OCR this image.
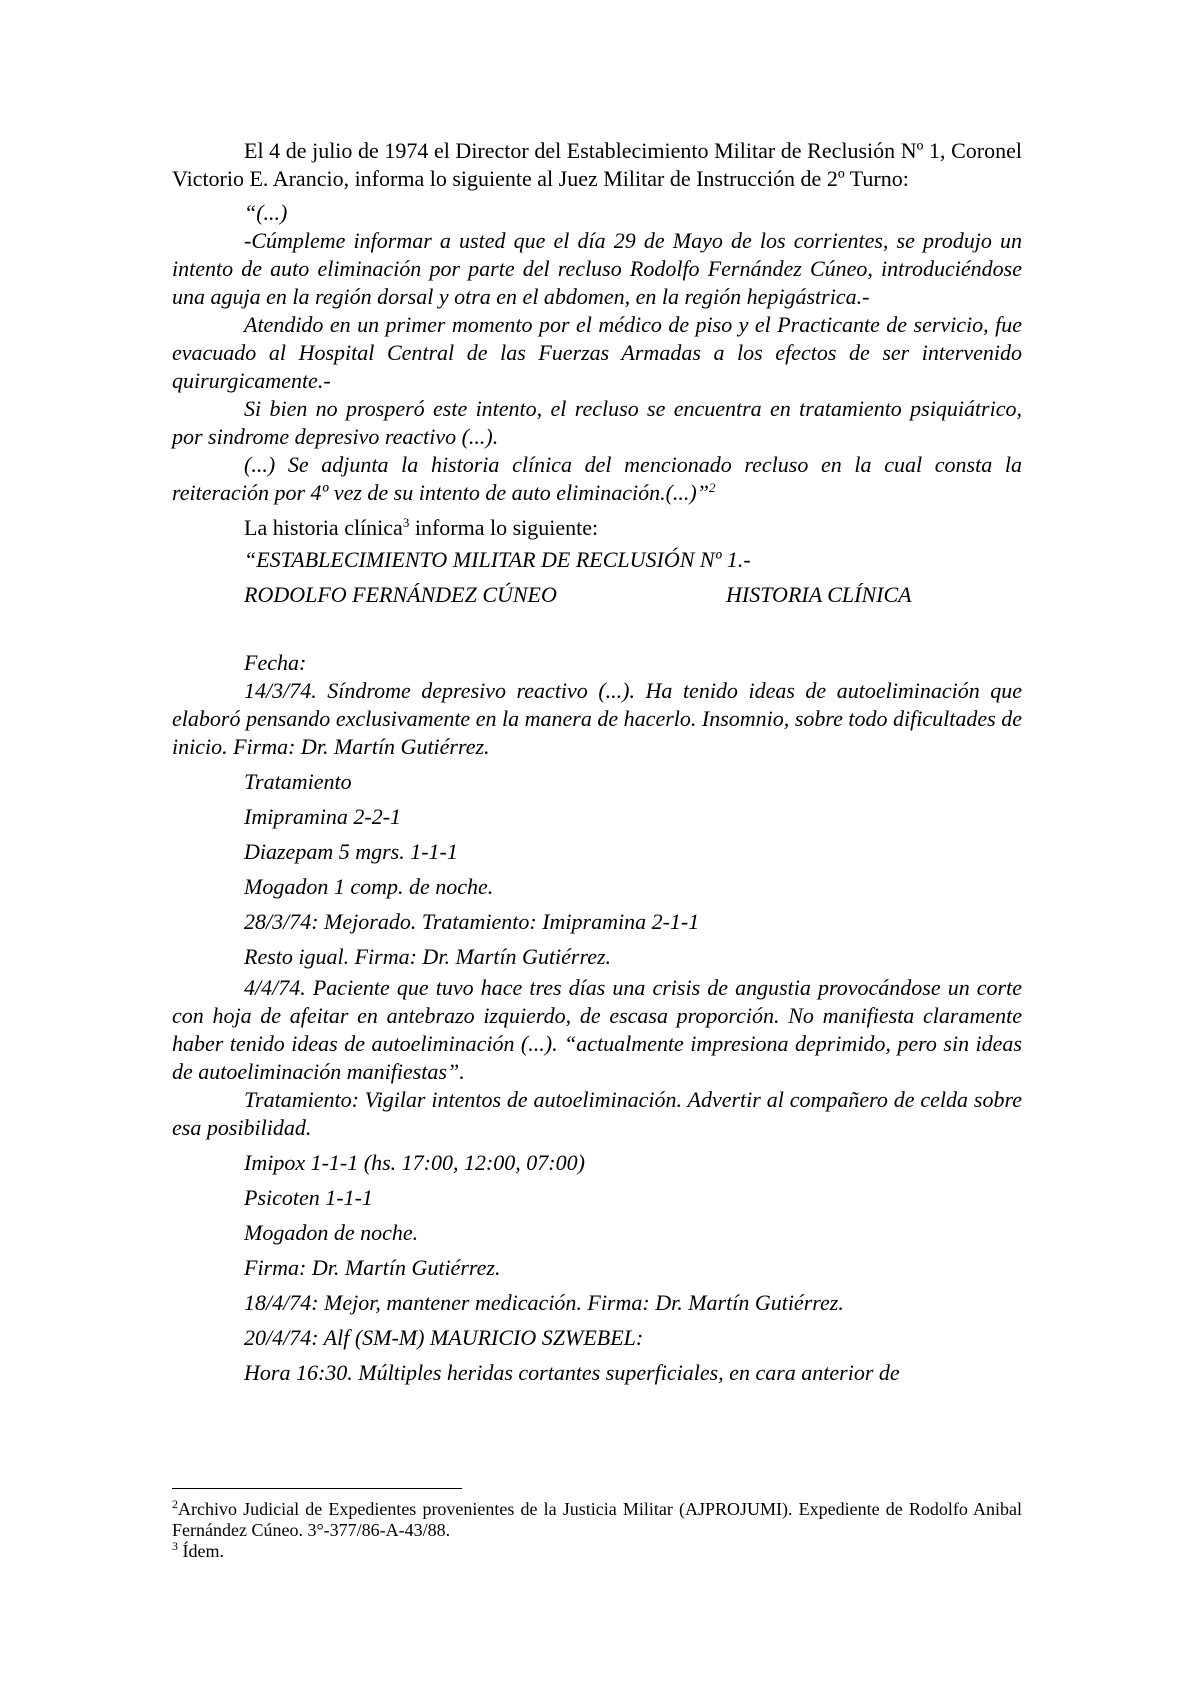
El 4 de julio de 1974 el Director del Establecimiento Militar de Reclusión Nº 1, Coronel Victorio E. Arancio, informa lo siguiente al Juez Militar de Instrucción de 2º Turno:

“(...)

-Cúmpleme informar a usted que el día 29 de Mayo de los corrientes, se produjo un intento de auto eliminación por parte del recluso Rodolfo Fernández Cúneo, introduciéndose una aguja en la región dorsal y otra en el abdomen, en la región hepigástrica.-

Atendido en un primer momento por el médico de piso y el Practicante de servicio, fue evacuado al Hospital Central de las Fuerzas Armadas a los efectos de ser intervenido quirurgicamente.-

Si bien no prosperó este intento, el recluso se encuentra en tratamiento psiquiátrico, por sindrome depresivo reactivo (...).

(...) Se adjunta la historia clínica del mencionado recluso en la cual consta la reiteración por 4º vez de su intento de auto eliminación.(...)”$^2$

La historia clínica$^3$ informa lo siguiente:

“ESTABLECIMIENTO MILITAR DE RECLUSIÓN Nº 1.-

RODOLFO FERNÁNDEZ CÚNEO	HISTORIA CLÍNICA

Fecha:

14/3/74. Síndrome depresivo reactivo (...). Ha tenido ideas de autoeliminación que elaboró pensando exclusivamente en la manera de hacerlo. Insomnio, sobre todo dificultades de inicio. Firma: Dr. Martín Gutiérrez.

Tratamiento

Imipramina 2-2-1

Diazepam 5 mgrs. 1-1-1

Mogadon 1 comp. de noche.

28/3/74: Mejorado. Tratamiento: Imipramina 2-1-1

Resto igual. Firma: Dr. Martín Gutiérrez.

4/4/74. Paciente que tuvo hace tres días una crisis de angustia provocándose un corte con hoja de afeitar en antebrazo izquierdo, de escasa proporción. No manifiesta claramente haber tenido ideas de autoeliminación (...). “actualmente impresiona deprimido, pero sin ideas de autoeliminación manifiestas”.

Tratamiento: Vigilar intentos de autoeliminación. Advertir al compañero de celda sobre esa posibilidad.

Imipox 1-1-1 (hs. 17:00, 12:00, 07:00)

Psicoten 1-1-1

Mogadon de noche.

Firma: Dr. Martín Gutiérrez.

18/4/74: Mejor, mantener medicación. Firma: Dr. Martín Gutiérrez.

20/4/74: Alf (SM-M) MAURICIO SZWEBEL:

Hora 16:30. Múltiples heridas cortantes superficiales, en cara anterior de

$^2$Archivo Judicial de Expedientes provenientes de la Justicia Militar (AJPROJUMI). Expediente de Rodolfo Anibal Fernández Cúneo. 3°-377/86-A-43/88.

$^3$ Ídem.
